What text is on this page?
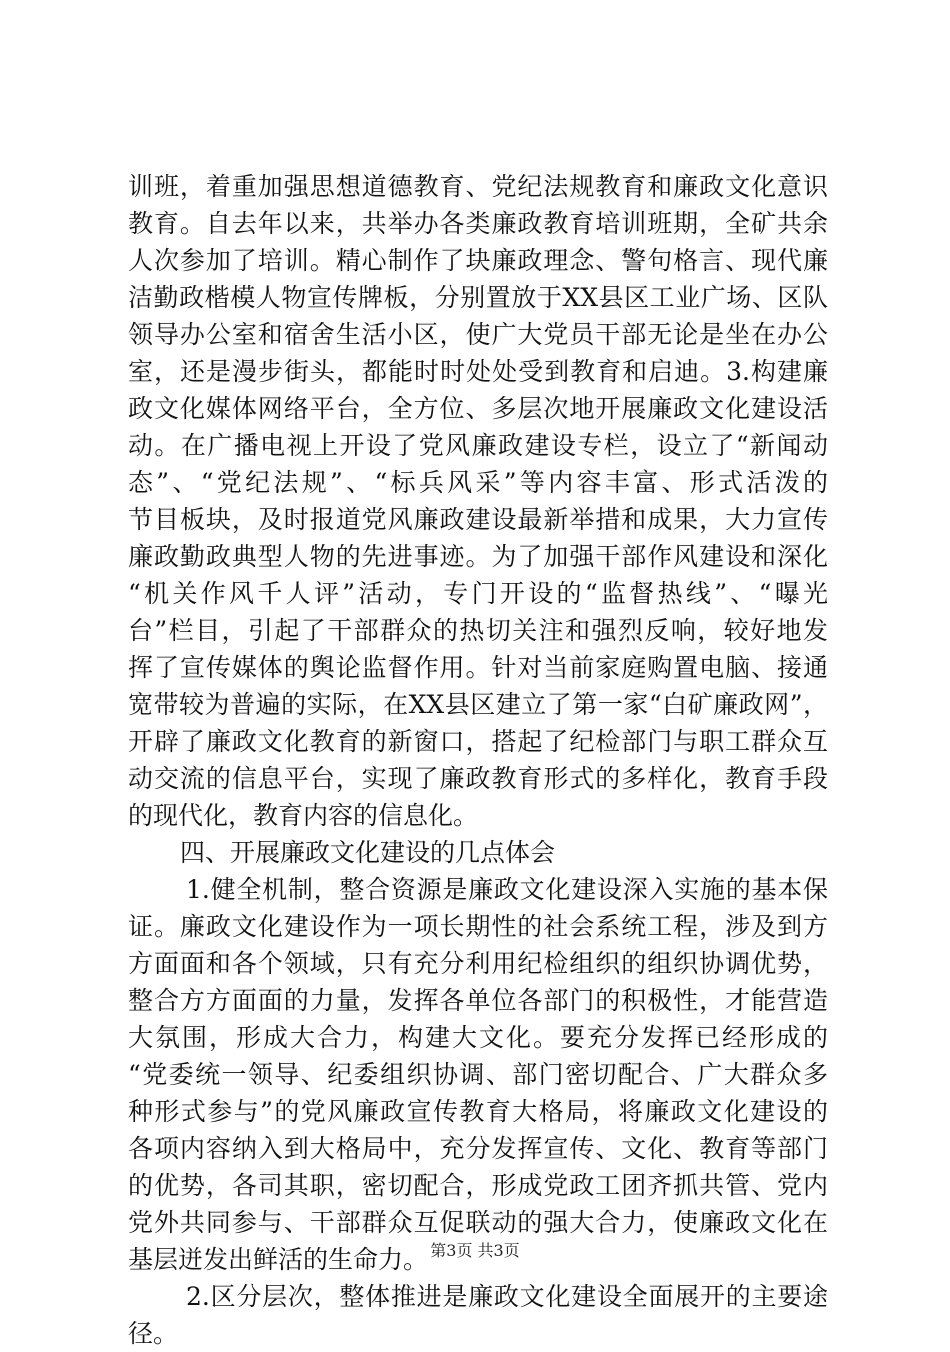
训班，着重加强思想道德教育、党纪法规教育和廉政文化意识
教育。自去年以来，共举办各类廉政教育培训班期，全矿共余
人次参加了培训。精心制作了块廉政理念、警句格言、现代廉
洁勤政楷模人物宣传牌板，分别置放于XX县区工业广场、区队
领导办公室和宿舍生活小区，使广大党员干部无论是坐在办公
室，还是漫步街头，都能时时处处受到教育和启迪。3.构建廉
政文化媒体网络平台，全方位、多层次地开展廉政文化建设活
动。在广播电视上开设了党风廉政建设专栏，设立了“新闻动
态”、“党纪法规”、“标兵风采”等内容丰富、形式活泼的
节目板块，及时报道党风廉政建设最新举措和成果，大力宣传
廉政勤政典型人物的先进事迹。为了加强干部作风建设和深化
“机关作风千人评”活动，专门开设的“监督热线”、“曝光
台”栏目，引起了干部群众的热切关注和强烈反响，较好地发
挥了宣传媒体的舆论监督作用。针对当前家庭购置电脑、接通
宽带较为普遍的实际，在XX县区建立了第一家“白矿廉政网”，
开辟了廉政文化教育的新窗口，搭起了纪检部门与职工群众互
动交流的信息平台，实现了廉政教育形式的多样化，教育手段
的现代化，教育内容的信息化。
四、开展廉政文化建设的几点体会
1.健全机制，整合资源是廉政文化建设深入实施的基本保
证。廉政文化建设作为一项长期性的社会系统工程，涉及到方
方面面和各个领域，只有充分利用纪检组织的组织协调优势，
整合方方面面的力量，发挥各单位各部门的积极性，才能营造
大氛围，形成大合力，构建大文化。要充分发挥已经形成的
“党委统一领导、纪委组织协调、部门密切配合、广大群众多
种形式参与”的党风廉政宣传教育大格局，将廉政文化建设的
各项内容纳入到大格局中，充分发挥宣传、文化、教育等部门
的优势，各司其职，密切配合，形成党政工团齐抓共管、党内
党外共同参与、干部群众互促联动的强大合力，使廉政文化在
基层迸发出鲜活的生命力。
2.区分层次，整体推进是廉政文化建设全面展开的主要途
径。
第3页 共3页
